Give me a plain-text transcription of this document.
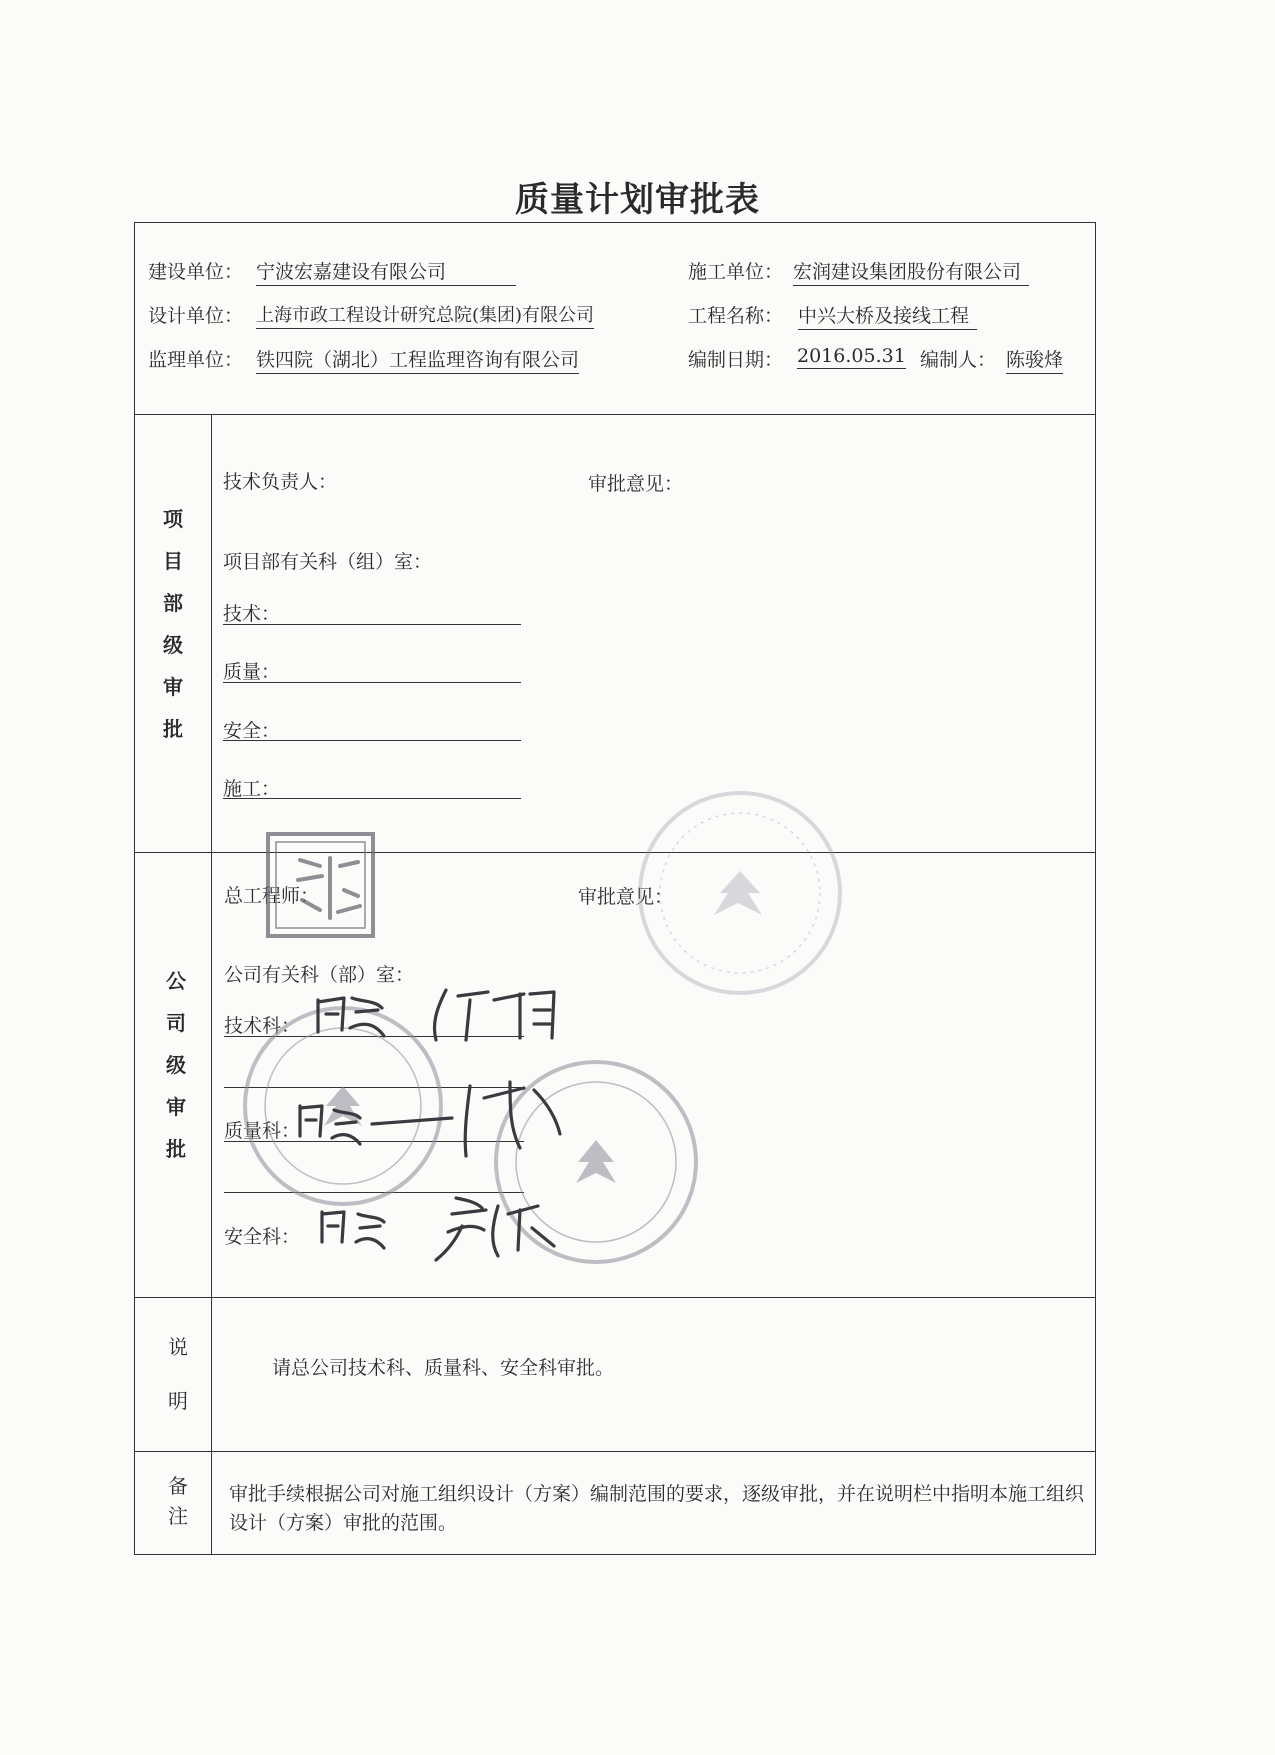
质量计划审批表
建设单位： 宁波宏嘉建设有限公司	施工单位： 宏润建设集团股份有限公司
设计单位： 上海市政工程设计研究总院(集团)有限公司	工程名称： 中兴大桥及接线工程
监理单位： 铁四院（湖北）工程监理咨询有限公司	编制日期： 2016.05.31 编制人： 陈骏烽
项目部级审批
技术负责人：	审批意见：
项目部有关科（组）室：
技术：
质量：
安全：
施工：
公司级审批
总工程师：	审批意见：
公司有关科（部）室：
技术科：
质量科：
安全科：
说明
请总公司技术科、质量科、安全科审批。
备注
审批手续根据公司对施工组织设计（方案）编制范围的要求，逐级审批，并在说明栏中指明本施工组织设计（方案）审批的范围。
